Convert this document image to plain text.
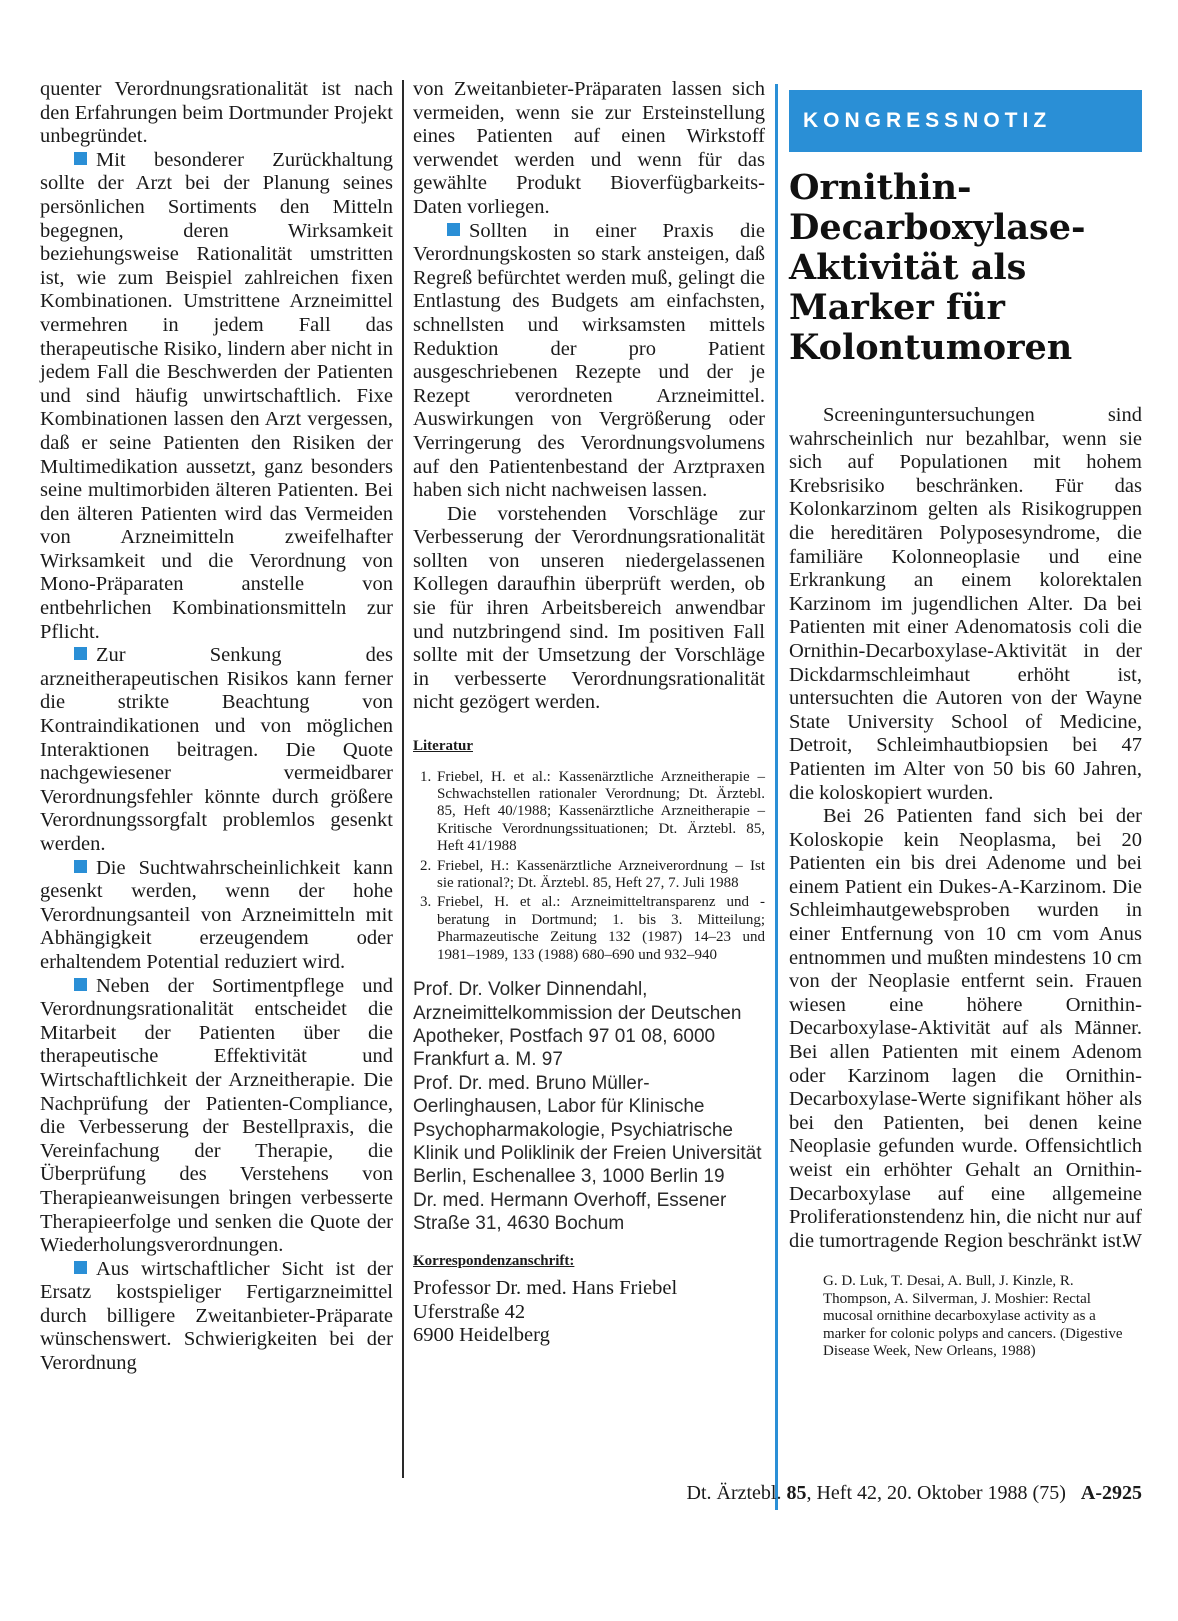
quenter Verordnungsrationalität ist nach den Erfahrungen beim Dortmunder Projekt unbegründet.

Mit besonderer Zurückhaltung sollte der Arzt bei der Planung seines persönlichen Sortiments den Mitteln begegnen, deren Wirksamkeit beziehungsweise Rationalität umstritten ist, wie zum Beispiel zahlreichen fixen Kombinationen. Umstrittene Arzneimittel vermehren in jedem Fall das therapeutische Risiko, lindern aber nicht in jedem Fall die Beschwerden der Patienten und sind häufig unwirtschaftlich. Fixe Kombinationen lassen den Arzt vergessen, daß er seine Patienten den Risiken der Multimedikation aussetzt, ganz besonders seine multimorbiden älteren Patienten. Bei den älteren Patienten wird das Vermeiden von Arzneimitteln zweifelhafter Wirksamkeit und die Verordnung von Mono-Präparaten anstelle von entbehrlichen Kombinationsmitteln zur Pflicht.

Zur Senkung des arzneitherapeutischen Risikos kann ferner die strikte Beachtung von Kontraindikationen und von möglichen Interaktionen beitragen. Die Quote nachgewiesener vermeidbarer Verordnungsfehler könnte durch größere Verordnungssorgfalt problemlos gesenkt werden.

Die Suchtwahrscheinlichkeit kann gesenkt werden, wenn der hohe Verordnungsanteil von Arzneimitteln mit Abhängigkeit erzeugendem oder erhaltendem Potential reduziert wird.

Neben der Sortimentpflege und Verordnungsrationalität entscheidet die Mitarbeit der Patienten über die therapeutische Effektivität und Wirtschaftlichkeit der Arzneitherapie. Die Nachprüfung der Patienten-Compliance, die Verbesserung der Bestellpraxis, die Vereinfachung der Therapie, die Überprüfung des Verstehens von Therapieanweisungen bringen verbesserte Therapieerfolge und senken die Quote der Wiederholungsverordnungen.

Aus wirtschaftlicher Sicht ist der Ersatz kostspieliger Fertigarzneimittel durch billigere Zweitanbieter-Präparate wünschenswert. Schwierigkeiten bei der Verordnung

von Zweitanbieter-Präparaten lassen sich vermeiden, wenn sie zur Ersteinstellung eines Patienten auf einen Wirkstoff verwendet werden und wenn für das gewählte Produkt Bioverfügbarkeits-Daten vorliegen.

Sollten in einer Praxis die Verordnungskosten so stark ansteigen, daß Regreß befürchtet werden muß, gelingt die Entlastung des Budgets am einfachsten, schnellsten und wirksamsten mittels Reduktion der pro Patient ausgeschriebenen Rezepte und der je Rezept verordneten Arzneimittel. Auswirkungen von Vergrößerung oder Verringerung des Verordnungsvolumens auf den Patientenbestand der Arztpraxen haben sich nicht nachweisen lassen.

Die vorstehenden Vorschläge zur Verbesserung der Verordnungsrationalität sollten von unseren niedergelassenen Kollegen daraufhin überprüft werden, ob sie für ihren Arbeitsbereich anwendbar und nutzbringend sind. Im positiven Fall sollte mit der Umsetzung der Vorschläge in verbesserte Verordnungsrationalität nicht gezögert werden.

Literatur
1. Friebel, H. et al.: Kassenärztliche Arzneitherapie – Schwachstellen rationaler Verordnung; Dt. Ärztebl. 85, Heft 40/1988; Kassenärztliche Arzneitherapie – Kritische Verordnungssituationen; Dt. Ärztebl. 85, Heft 41/1988
2. Friebel, H.: Kassenärztliche Arzneiverordnung – Ist sie rational?; Dt. Ärztebl. 85, Heft 27, 7. Juli 1988
3. Friebel, H. et al.: Arzneimitteltransparenz und -beratung in Dortmund; 1. bis 3. Mitteilung; Pharmazeutische Zeitung 132 (1987) 14–23 und 1981–1989, 133 (1988) 680–690 und 932–940

Prof. Dr. Volker Dinnendahl, Arzneimittelkommission der Deutschen Apotheker, Postfach 97 01 08, 6000 Frankfurt a. M. 97

Prof. Dr. med. Bruno Müller-Oerlinghausen, Labor für Klinische Psychopharmakologie, Psychiatrische Klinik und Poliklinik der Freien Universität Berlin, Eschenallee 3, 1000 Berlin 19

Dr. med. Hermann Overhoff, Essener Straße 31, 4630 Bochum

Korrespondenzanschrift:
Professor Dr. med. Hans Friebel
Uferstraße 42
6900 Heidelberg
KONGRESSNOTIZ
Ornithin-Decarboxylase-Aktivität als Marker für Kolontumoren

Screeninguntersuchungen sind wahrscheinlich nur bezahlbar, wenn sie sich auf Populationen mit hohem Krebsrisiko beschränken. Für das Kolonkarzinom gelten als Risikogruppen die hereditären Polyposesyndrome, die familiäre Kolonneoplasie und eine Erkrankung an einem kolorektalen Karzinom im jugendlichen Alter. Da bei Patienten mit einer Adenomatosis coli die Ornithin-Decarboxylase-Aktivität in der Dickdarmschleimhaut erhöht ist, untersuchten die Autoren von der Wayne State University School of Medicine, Detroit, Schleimhautbiopsien bei 47 Patienten im Alter von 50 bis 60 Jahren, die koloskopiert wurden.

Bei 26 Patienten fand sich bei der Koloskopie kein Neoplasma, bei 20 Patienten ein bis drei Adenome und bei einem Patient ein Dukes-A-Karzinom. Die Schleimhautgewebsproben wurden in einer Entfernung von 10 cm vom Anus entnommen und mußten mindestens 10 cm von der Neoplasie entfernt sein. Frauen wiesen eine höhere Ornithin-Decarboxylase-Aktivität auf als Männer. Bei allen Patienten mit einem Adenom oder Karzinom lagen die Ornithin-Decarboxylase-Werte signifikant höher als bei den Patienten, bei denen keine Neoplasie gefunden wurde. Offensichtlich weist ein erhöhter Gehalt an Ornithin-Decarboxylase auf eine allgemeine Proliferationstendenz hin, die nicht nur auf die tumortragende Region beschränkt ist.

W
G. D. Luk, T. Desai, A. Bull, J. Kinzle, R. Thompson, A. Silverman, J. Moshier: Rectal mucosal ornithine decarboxylase activity as a marker for colonic polyps and cancers. (Digestive Disease Week, New Orleans, 1988)
Dt. Ärztebl. 85, Heft 42, 20. Oktober 1988 (75) A-2925
